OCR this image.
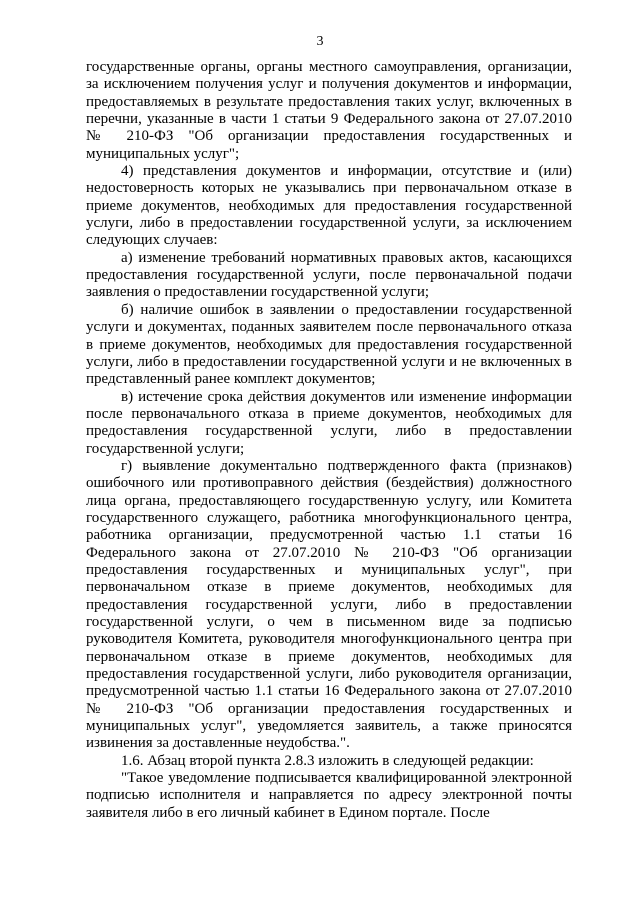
3

государственные органы, органы местного самоуправления, организации, за исключением получения услуг и получения документов и информации, предоставляемых в результате предоставления таких услуг, включенных в перечни, указанные в части 1 статьи 9 Федерального закона от 27.07.2010 № 210-ФЗ "Об организации предоставления государственных и муниципальных услуг";

4) представления документов и информации, отсутствие и (или) недостоверность которых не указывались при первоначальном отказе в приеме документов, необходимых для предоставления государственной услуги, либо в предоставлении государственной услуги, за исключением следующих случаев:

а) изменение требований нормативных правовых актов, касающихся предоставления государственной услуги, после первоначальной подачи заявления о предоставлении государственной услуги;

б) наличие ошибок в заявлении о предоставлении государственной услуги и документах, поданных заявителем после первоначального отказа в приеме документов, необходимых для предоставления государственной услуги, либо в предоставлении государственной услуги и не включенных в представленный ранее комплект документов;

в) истечение срока действия документов или изменение информации после первоначального отказа в приеме документов, необходимых для предоставления государственной услуги, либо в предоставлении государственной услуги;

г) выявление документально подтвержденного факта (признаков) ошибочного или противоправного действия (бездействия) должностного лица органа, предоставляющего государственную услугу, или Комитета государственного служащего, работника многофункционального центра, работника организации, предусмотренной частью 1.1 статьи 16 Федерального закона от 27.07.2010 № 210-ФЗ "Об организации предоставления государственных и муниципальных услуг", при первоначальном отказе в приеме документов, необходимых для предоставления государственной услуги, либо в предоставлении государственной услуги, о чем в письменном виде за подписью руководителя Комитета, руководителя многофункционального центра при первоначальном отказе в приеме документов, необходимых для предоставления государственной услуги, либо руководителя организации, предусмотренной частью 1.1 статьи 16 Федерального закона от 27.07.2010 № 210-ФЗ "Об организации предоставления государственных и муниципальных услуг", уведомляется заявитель, а также приносятся извинения за доставленные неудобства.".

1.6. Абзац второй пункта 2.8.3 изложить в следующей редакции:

"Такое уведомление подписывается квалифицированной электронной подписью исполнителя и направляется по адресу электронной почты заявителя либо в его личный кабинет в Едином портале. После
